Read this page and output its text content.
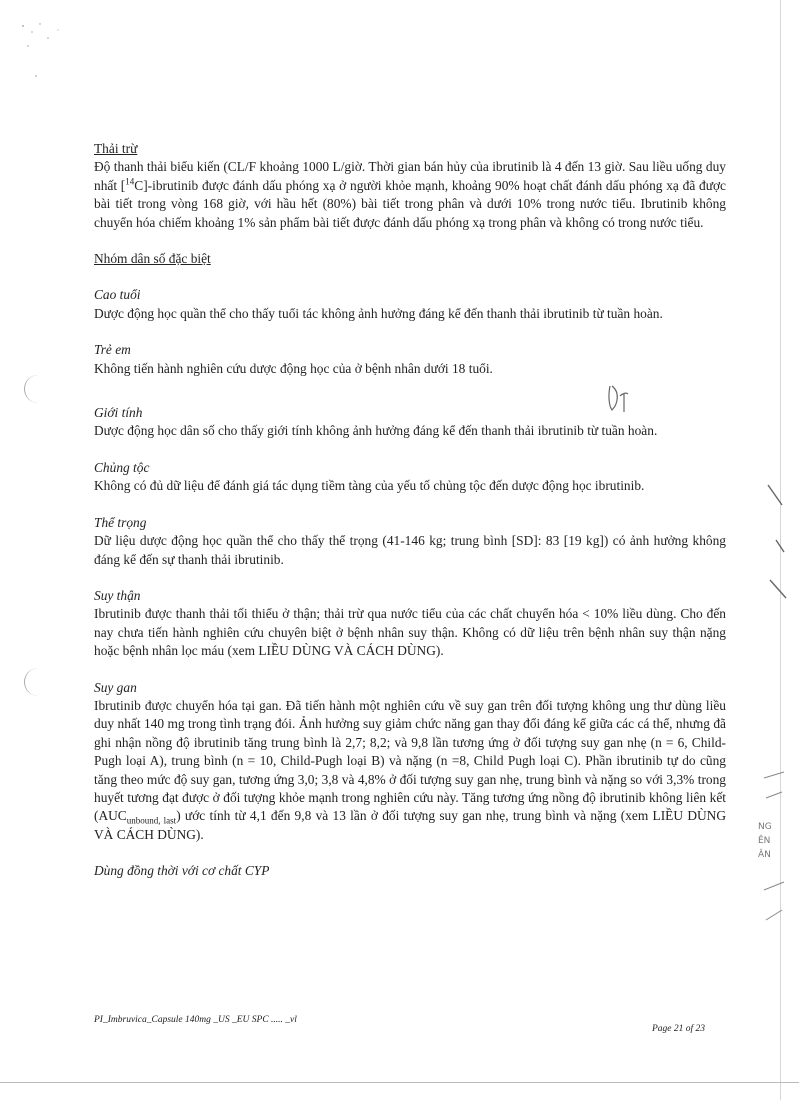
NG
ÊN
ÂN
Dr
Thải trừ

Độ thanh thải biểu kiến (CL/F khoảng 1000 L/giờ. Thời gian bán hủy của ibrutinib là 4 đến 13 giờ. Sau liều uống duy nhất [$^{14}$C]-ibrutinib được đánh dấu phóng xạ ở người khỏe mạnh, khoảng 90% hoạt chất đánh dấu phóng xạ đã được bài tiết trong vòng 168 giờ, với hầu hết (80%) bài tiết trong phân và dưới 10% trong nước tiểu. Ibrutinib không chuyển hóa chiếm khoảng 1% sản phẩm bài tiết được đánh dấu phóng xạ trong phân và không có trong nước tiểu.

Nhóm dân số đặc biệt
Cao tuổi

Dược động học quần thể cho thấy tuổi tác không ảnh hưởng đáng kể đến thanh thải ibrutinib từ tuần hoàn.

Trẻ em

Không tiến hành nghiên cứu dược động học của ở bệnh nhân dưới 18 tuổi.

Giới tính

Dược động học dân số cho thấy giới tính không ảnh hưởng đáng kể đến thanh thải ibrutinib từ tuần hoàn.

Chủng tộc

Không có đủ dữ liệu để đánh giá tác dụng tiềm tàng của yếu tố chủng tộc đến dược động học ibrutinib.

Thể trọng

Dữ liệu dược động học quần thể cho thấy thể trọng (41-146 kg; trung bình [SD]: 83 [19 kg]) có ảnh hưởng không đáng kể đến sự thanh thải ibrutinib.

Suy thận

Ibrutinib được thanh thải tối thiểu ở thận; thải trừ qua nước tiểu của các chất chuyển hóa < 10% liều dùng. Cho đến nay chưa tiến hành nghiên cứu chuyên biệt ở bệnh nhân suy thận. Không có dữ liệu trên bệnh nhân suy thận nặng hoặc bệnh nhân lọc máu (xem LIỀU DÙNG VÀ CÁCH DÙNG).

Suy gan

Ibrutinib được chuyển hóa tại gan. Đã tiến hành một nghiên cứu về suy gan trên đối tượng không ung thư dùng liều duy nhất 140 mg trong tình trạng đói. Ảnh hưởng suy giảm chức năng gan thay đổi đáng kể giữa các cá thể, nhưng đã ghi nhận nồng độ ibrutinib tăng trung bình là 2,7; 8,2; và 9,8 lần tương ứng ở đối tượng suy gan nhẹ (n = 6, Child-Pugh loại A), trung bình (n = 10, Child-Pugh loại B) và nặng (n =8, Child Pugh loại C). Phần ibrutinib tự do cũng tăng theo mức độ suy gan, tương ứng 3,0; 3,8 và 4,8% ở đối tượng suy gan nhẹ, trung bình và nặng so với 3,3% trong huyết tương đạt được ở đối tượng khỏe mạnh trong nghiên cứu này. Tăng tương ứng nồng độ ibrutinib không liên kết $(AUC_{unbound, last})$ ước tính từ 4,1 đến 9,8 và 13 lần ở đối tượng suy gan nhẹ, trung bình và nặng (xem LIỀU DÙNG VÀ CÁCH DÙNG).

Dùng đồng thời với cơ chất CYP
PI_Imbruvica_Capsule 140mg _US _EU SPC ..... _vl
Page 21 of 23
